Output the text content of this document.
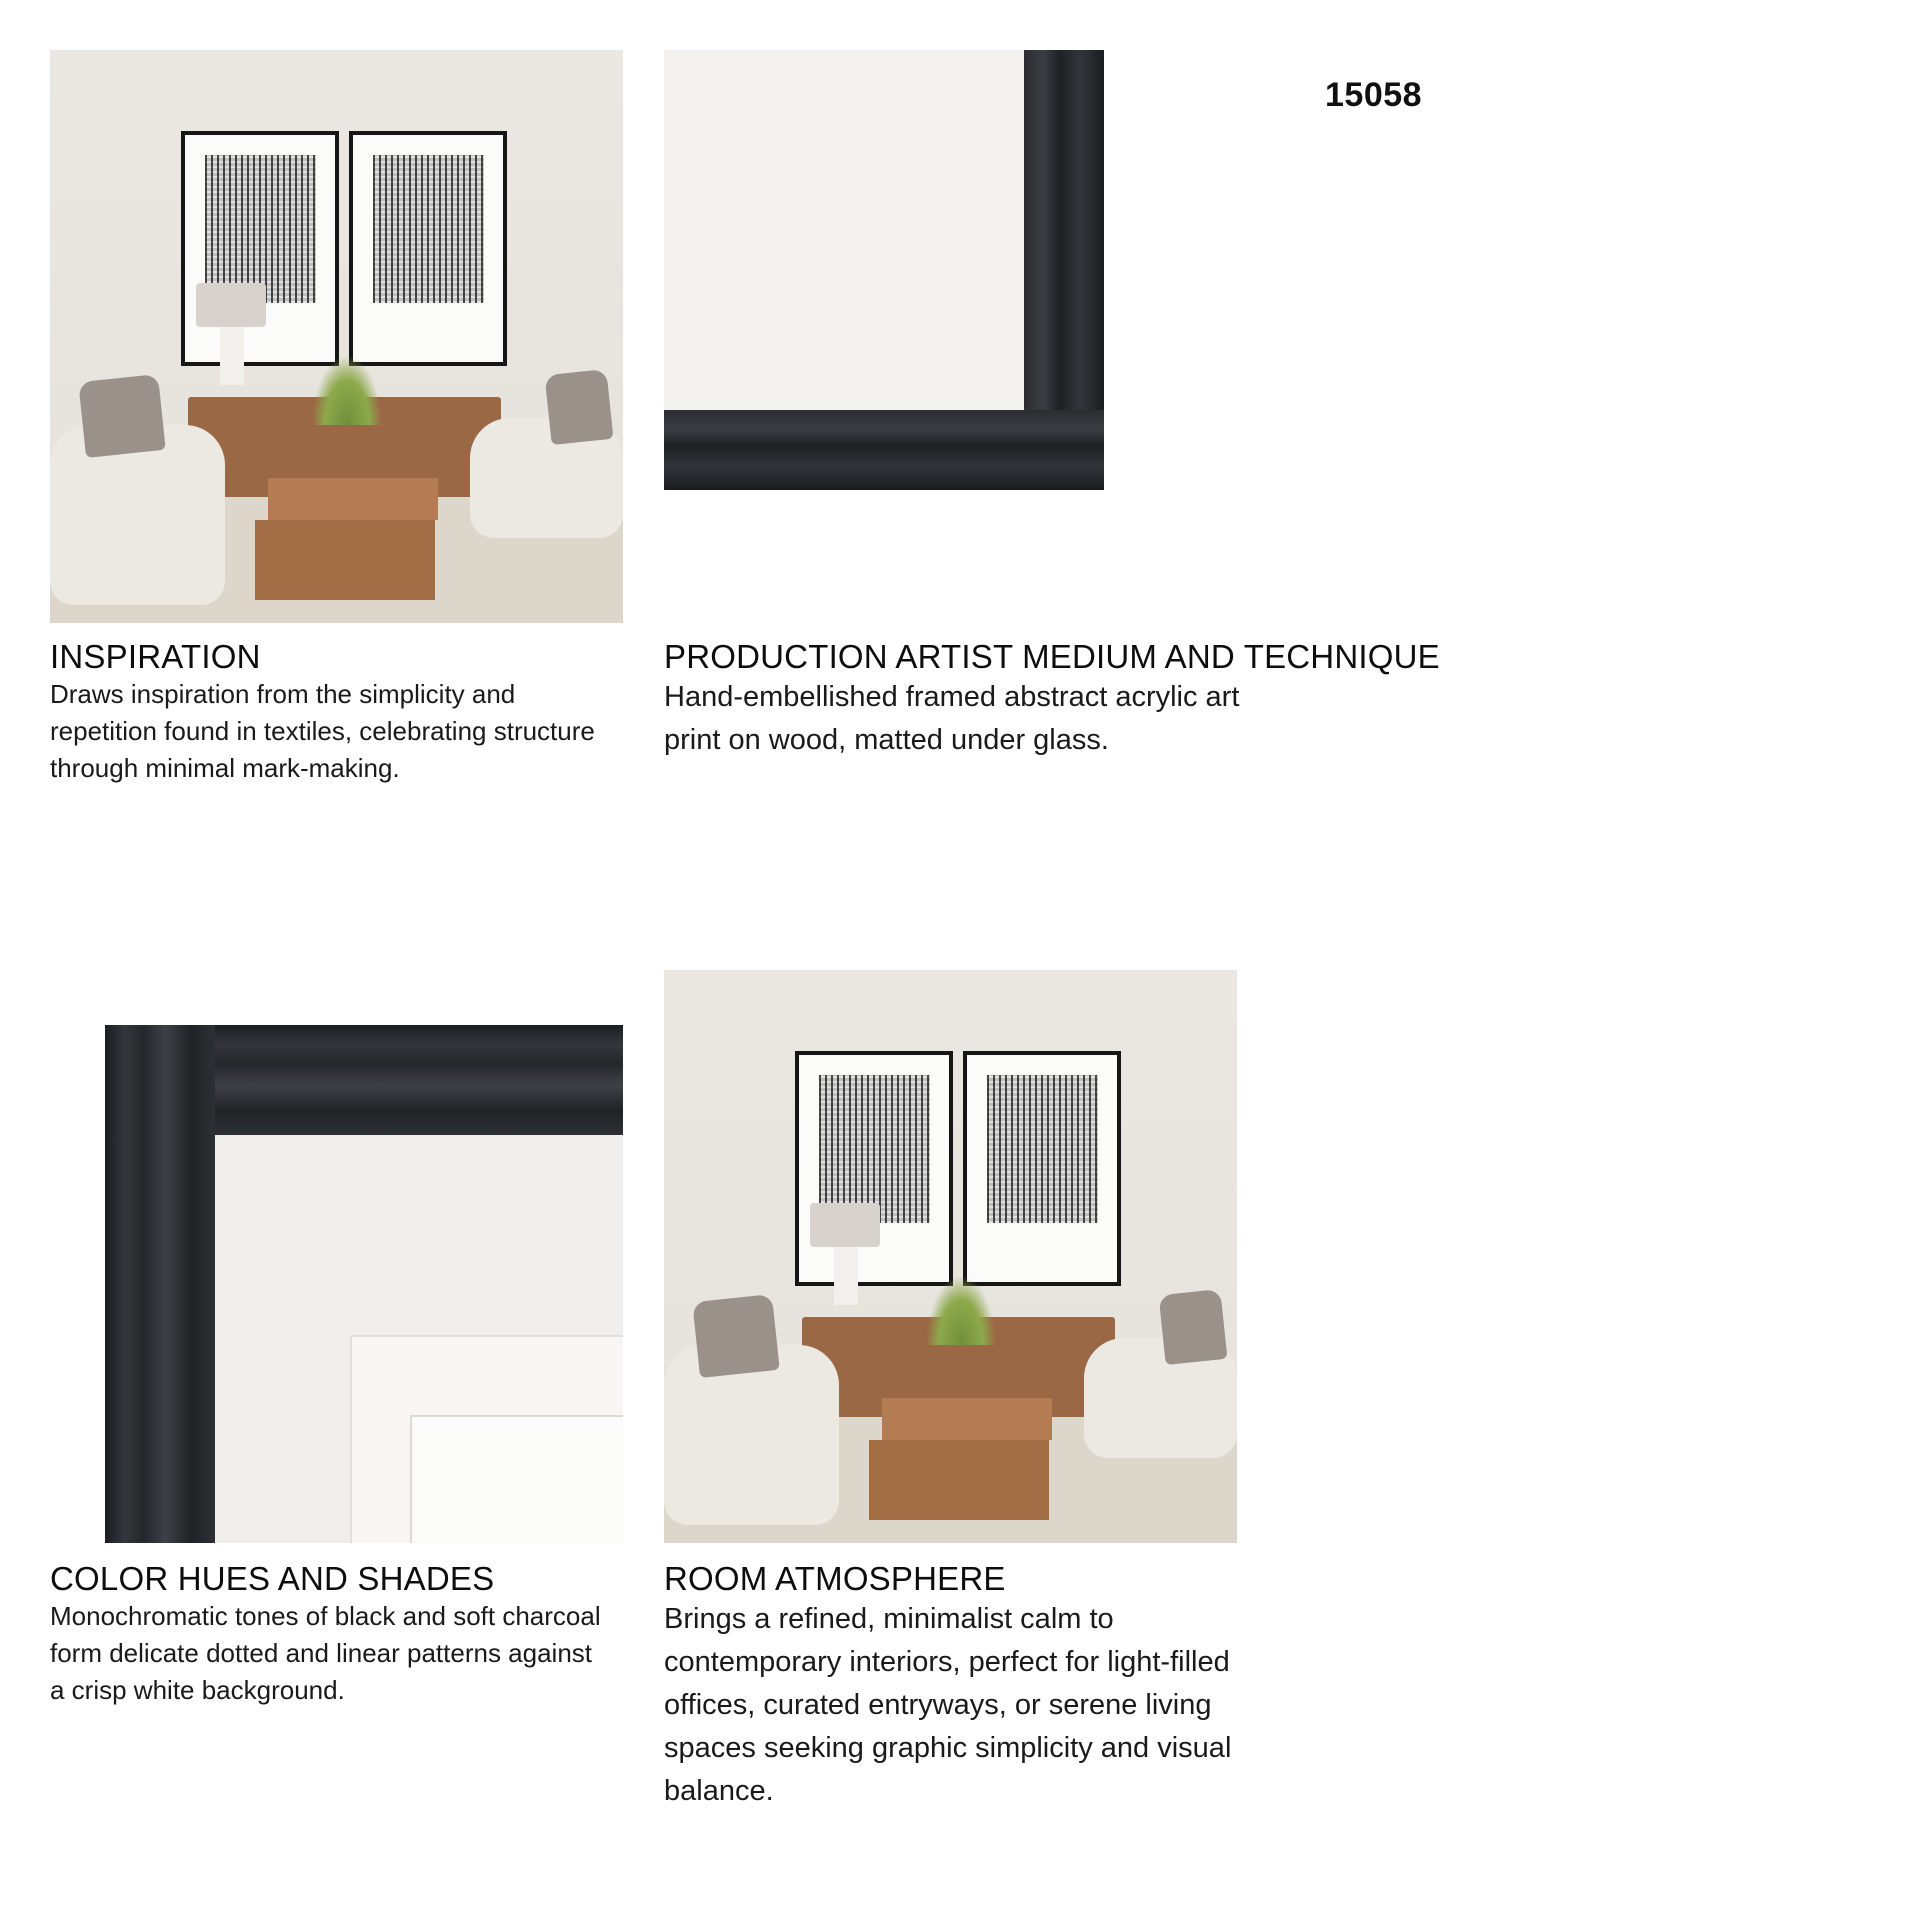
15058
INSPIRATION
Draws inspiration from the simplicity and repetition found in textiles, celebrating structure through minimal mark-making.
PRODUCTION ARTIST MEDIUM AND TECHNIQUE
Hand-embellished framed abstract acrylic art print on wood, matted under glass.
COLOR HUES AND SHADES
Monochromatic tones of black and soft charcoal form delicate dotted and linear patterns against a crisp white background.
ROOM ATMOSPHERE
Brings a refined, minimalist calm to contemporary interiors, perfect for light-filled offices, curated entryways, or serene living spaces seeking graphic simplicity and visual balance.
